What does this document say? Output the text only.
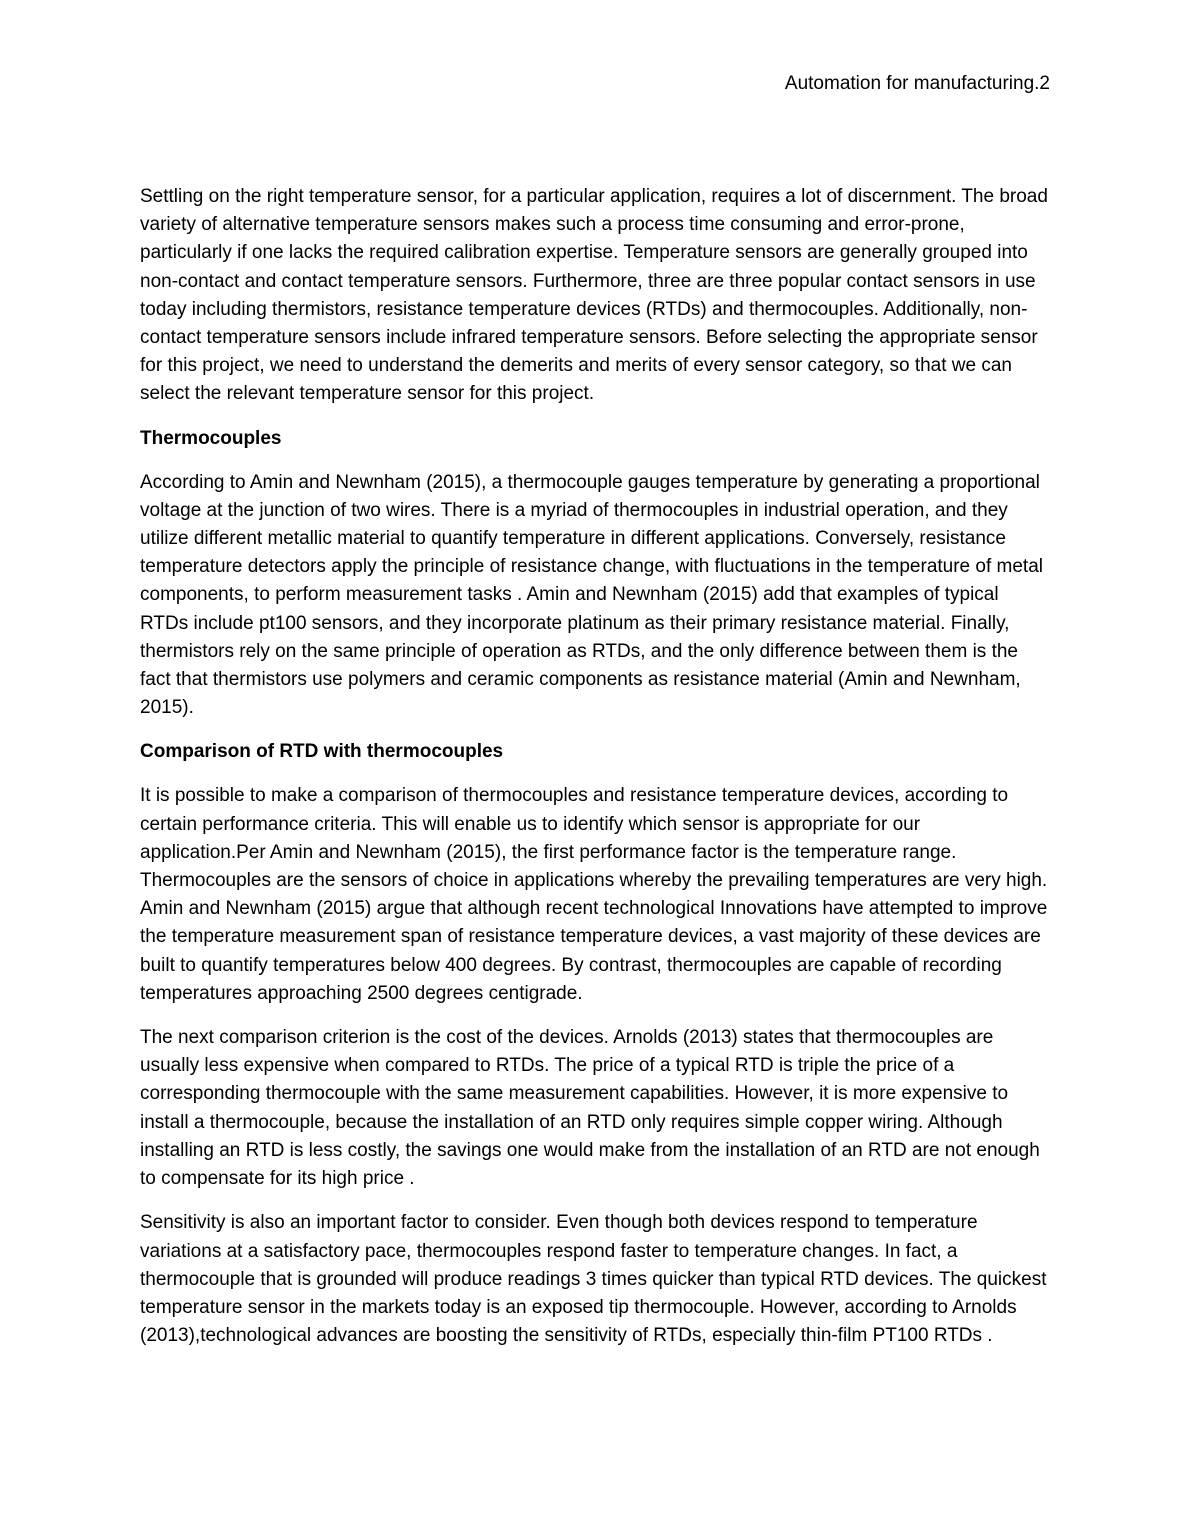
Automation for manufacturing.2

Settling on the right temperature sensor, for a particular application, requires a lot of discernment. The broad variety of alternative temperature sensors makes such a process time consuming and error-prone, particularly if one lacks the required calibration expertise. Temperature sensors are generally grouped into non-contact and contact temperature sensors. Furthermore, three are three popular contact sensors in use today including thermistors, resistance temperature devices (RTDs) and thermocouples. Additionally, non-contact temperature sensors include infrared temperature sensors. Before selecting the appropriate sensor for this project, we need to understand the demerits and merits of every sensor category, so that we can select the relevant temperature sensor for this project.

Thermocouples

According to Amin and Newnham (2015), a thermocouple gauges temperature by generating a proportional voltage at the junction of two wires. There is a myriad of thermocouples in industrial operation, and they utilize different metallic material to quantify temperature in different applications. Conversely, resistance temperature detectors apply the principle of resistance change, with fluctuations in the temperature of metal components, to perform measurement tasks . Amin and Newnham (2015) add that examples of typical RTDs include pt100 sensors, and they incorporate platinum as their primary resistance material. Finally, thermistors rely on the same principle of operation as RTDs, and the only difference between them is the fact that thermistors use polymers and ceramic components as resistance material (Amin and Newnham, 2015).

Comparison of RTD with thermocouples

It is possible to make a comparison of thermocouples and resistance temperature devices, according to certain performance criteria. This will enable us to identify which sensor is appropriate for our application.Per Amin and Newnham (2015), the first performance factor is the temperature range. Thermocouples are the sensors of choice in applications whereby the prevailing temperatures are very high. Amin and Newnham (2015) argue that although recent technological Innovations have attempted to improve the temperature measurement span of resistance temperature devices, a vast majority of these devices are built to quantify temperatures below 400 degrees. By contrast, thermocouples are capable of recording temperatures approaching 2500 degrees centigrade.

The next comparison criterion is the cost of the devices. Arnolds (2013) states that thermocouples are usually less expensive when compared to RTDs. The price of a typical RTD is triple the price of a corresponding thermocouple with the same measurement capabilities. However, it is more expensive to install a thermocouple, because the installation of an RTD only requires simple copper wiring. Although installing an RTD is less costly, the savings one would make from the installation of an RTD are not enough to compensate for its high price .

Sensitivity is also an important factor to consider. Even though both devices respond to temperature variations at a satisfactory pace, thermocouples respond faster to temperature changes. In fact, a thermocouple that is grounded will produce readings 3 times quicker than typical RTD devices. The quickest temperature sensor in the markets today is an exposed tip thermocouple. However, according to Arnolds (2013),technological advances are boosting the sensitivity of RTDs, especially thin-film PT100 RTDs .
